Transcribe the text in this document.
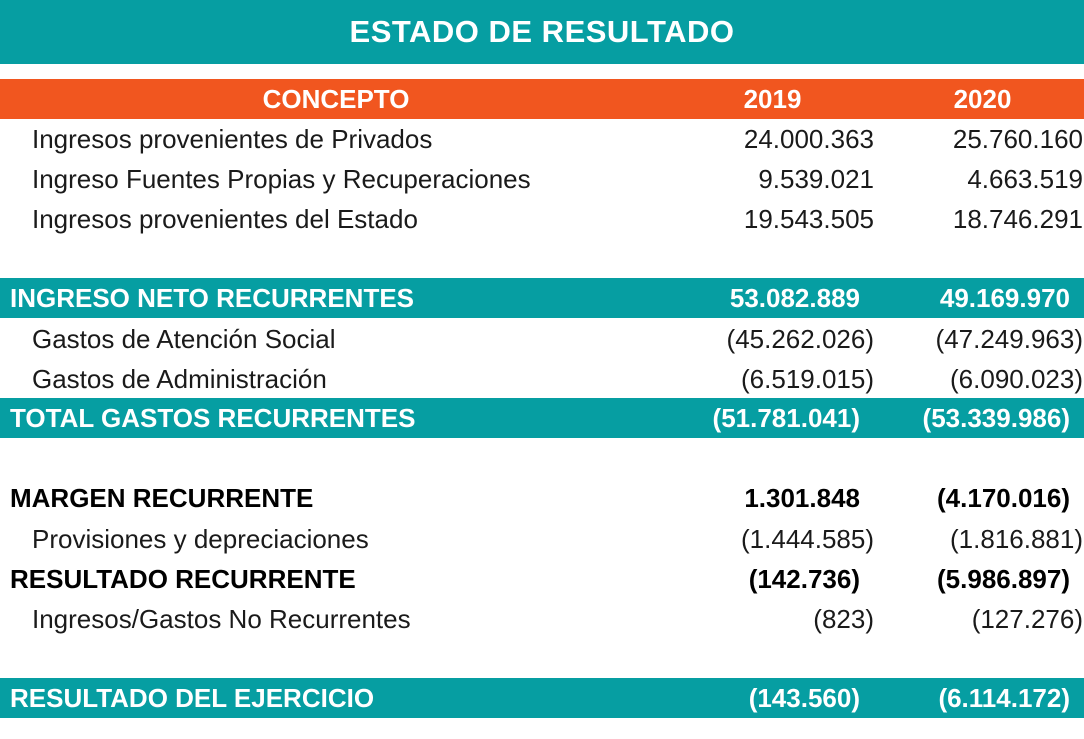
ESTADO DE RESULTADO
CONCEPTO	2019	2020
Ingresos provenientes de Privados	24.000.363	25.760.160
Ingreso Fuentes Propias y Recuperaciones	9.539.021	4.663.519
Ingresos provenientes del Estado	19.543.505	18.746.291
INGRESO NETO RECURRENTES	53.082.889	49.169.970
Gastos de Atención Social	(45.262.026)	(47.249.963)
Gastos de Administración	(6.519.015)	(6.090.023)
TOTAL GASTOS RECURRENTES	(51.781.041)	(53.339.986)
MARGEN RECURRENTE	1.301.848	(4.170.016)
Provisiones y depreciaciones	(1.444.585)	(1.816.881)
RESULTADO RECURRENTE	(142.736)	(5.986.897)
Ingresos/Gastos No Recurrentes	(823)	(127.276)
RESULTADO DEL EJERCICIO	(143.560)	(6.114.172)
